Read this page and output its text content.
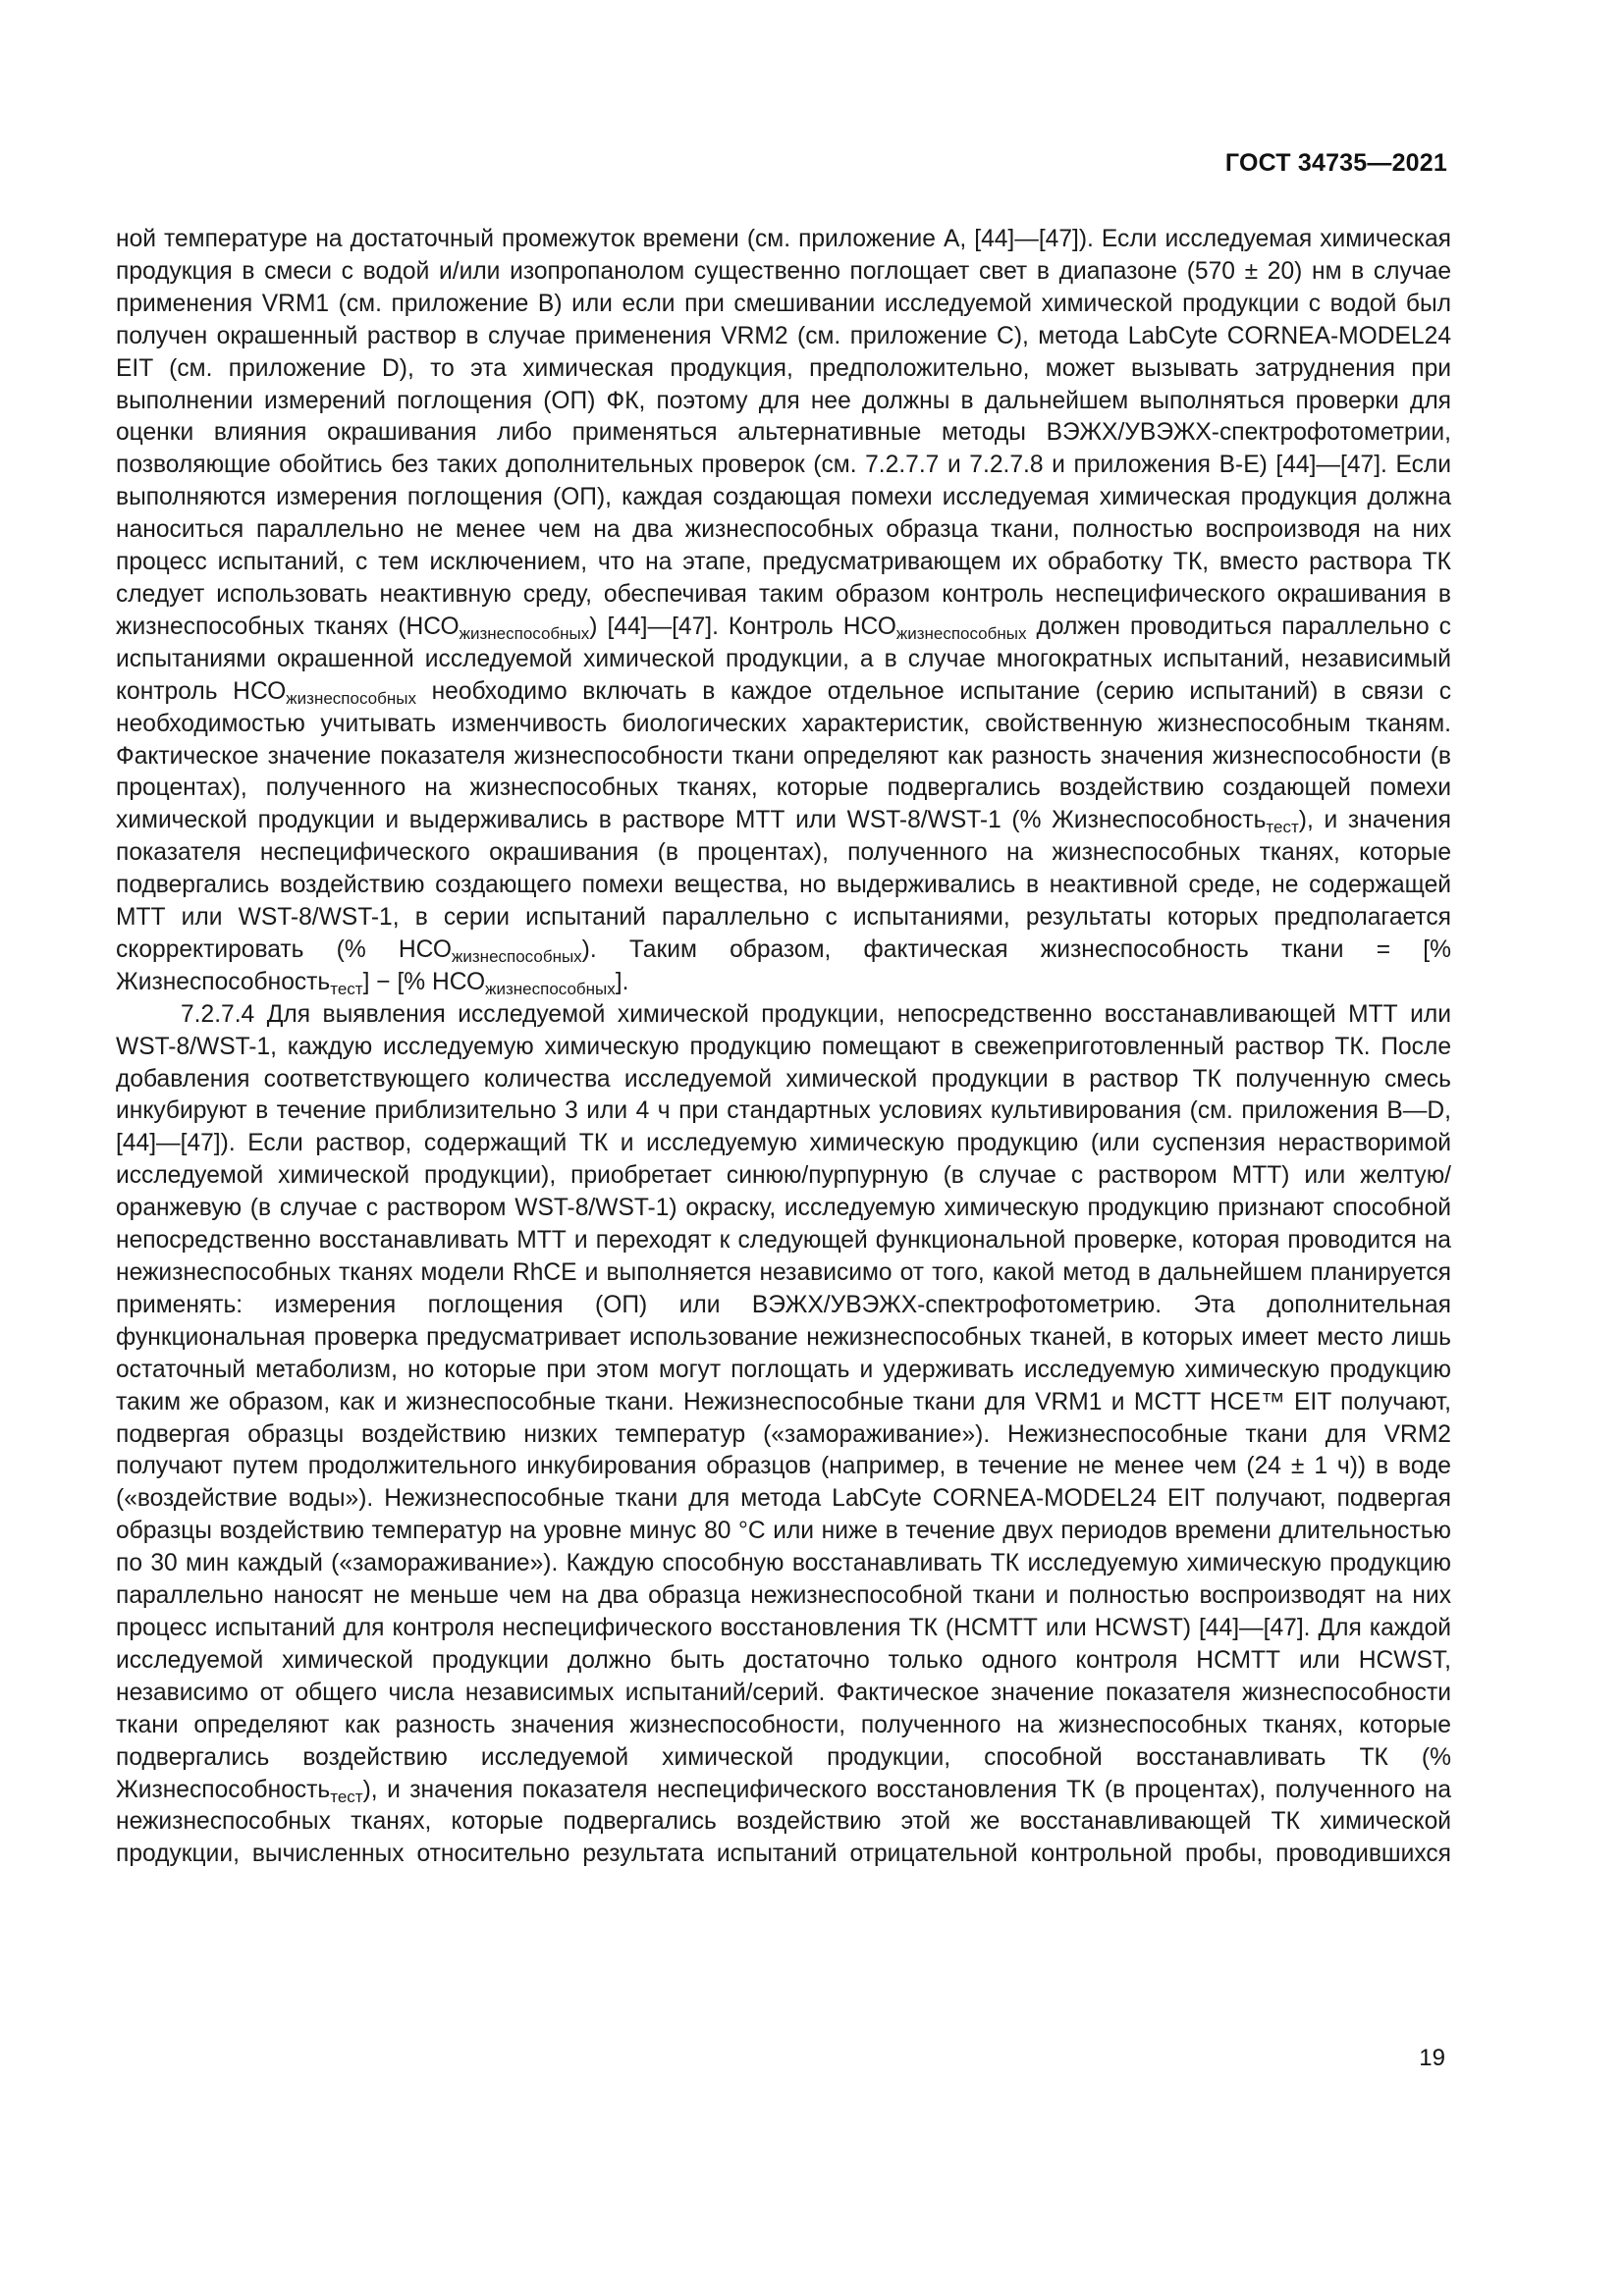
ГОСТ 34735—2021

ной температуре на достаточный промежуток времени (см. приложение А, [44]—[47]). Если исследуемая химическая продукция в смеси с водой и/или изопропанолом существенно поглощает свет в диапазоне (570 ± 20) нм в случае применения VRM1 (см. приложение В) или если при смешивании исследуемой химической продукции с водой был получен окрашенный раствор в случае применения VRM2 (см. приложение С), метода LabCyte CORNEA-MODEL24 EIT (см. приложение D), то эта химическая продукция, предположительно, может вызывать затруднения при выполнении измерений поглощения (ОП) ФК, поэтому для нее должны в дальнейшем выполняться проверки для оценки влияния окрашивания либо применяться альтернативные методы ВЭЖХ/УВЭЖХ-спектрофотометрии, позволяющие обойтись без таких дополнительных проверок (см. 7.2.7.7 и 7.2.7.8 и приложения В-Е) [44]—[47]. Если выполняются измерения поглощения (ОП), каждая создающая помехи исследуемая химическая продукция должна наноситься параллельно не менее чем на два жизнеспособных образца ткани, полностью воспроизводя на них процесс испытаний, с тем исключением, что на этапе, предусматривающем их обработку ТК, вместо раствора ТК следует использовать неактивную среду, обеспечивая таким образом контроль неспецифического окрашивания в жизнеспособных тканях $(НСО_{жизнеспособных})$ [44]—[47]. Контроль $НСО_{жизнеспособных}$ должен проводиться параллельно с испытаниями окрашенной исследуемой химической продукции, а в случае многократных испытаний, независимый контроль $НСО_{жизнеспособных}$ необходимо включать в каждое отдельное испытание (серию испытаний) в связи с необходимостью учитывать изменчивость биологических характеристик, свойственную жизнеспособным тканям. Фактическое значение показателя жизнеспособности ткани определяют как разность значения жизнеспособности (в процентах), полученного на жизнеспособных тканях, которые подвергались воздействию создающей помехи химической продукции и выдерживались в растворе МТТ или WST-8/WST-1 (% Жизнеспособность$_{тест}$), и значения показателя неспецифического окрашивания (в процентах), полученного на жизнеспособных тканях, которые подвергались воздействию создающего помехи вещества, но выдерживались в неактивной среде, не содержащей МТТ или WST-8/WST-1, в серии испытаний параллельно с испытаниями, результаты которых предполагается скорректировать (% $НСО_{жизнеспособных}$). Таким образом, фактическая жизнеспособность ткани = [% Жизнеспособность$_{тест}$] − [% $НСО_{жизнеспособных}$].

7.2.7.4 Для выявления исследуемой химической продукции, непосредственно восстанавливающей МТТ или WST-8/WST-1, каждую исследуемую химическую продукцию помещают в свежеприготовленный раствор ТК. После добавления соответствующего количества исследуемой химической продукции в раствор ТК полученную смесь инкубируют в течение приблизительно 3 или 4 ч при стандартных условиях культивирования (см. приложения В—D, [44]—[47]). Если раствор, содержащий ТК и исследуемую химическую продукцию (или суспензия нерастворимой исследуемой химической продукции), приобретает синюю/пурпурную (в случае с раствором МТТ) или желтую/оранжевую (в случае с раствором WST-8/WST-1) окраску, исследуемую химическую продукцию признают способной непосредственно восстанавливать МТТ и переходят к следующей функциональной проверке, которая проводится на нежизнеспособных тканях модели RhCE и выполняется независимо от того, какой метод в дальнейшем планируется применять: измерения поглощения (ОП) или ВЭЖХ/УВЭЖХ-спектрофотометрию. Эта дополнительная функциональная проверка предусматривает использование нежизнеспособных тканей, в которых имеет место лишь остаточный метаболизм, но которые при этом могут поглощать и удерживать исследуемую химическую продукцию таким же образом, как и жизнеспособные ткани. Нежизнеспособные ткани для VRM1 и MCTT HCE™ EIT получают, подвергая образцы воздействию низких температур («замораживание»). Нежизнеспособные ткани для VRM2 получают путем продолжительного инкубирования образцов (например, в течение не менее чем (24 ± 1 ч)) в воде («воздействие воды»). Нежизнеспособные ткани для метода LabCyte CORNEA-MODEL24 EIT получают, подвергая образцы воздействию температур на уровне минус 80 °С или ниже в течение двух периодов времени длительностью по 30 мин каждый («замораживание»). Каждую способную восстанавливать ТК исследуемую химическую продукцию параллельно наносят не меньше чем на два образца нежизнеспособной ткани и полностью воспроизводят на них процесс испытаний для контроля неспецифического восстановления ТК (НСМТТ или HCWST) [44]—[47]. Для каждой исследуемой химической продукции должно быть достаточно только одного контроля НСМТТ или HCWST, независимо от общего числа независимых испытаний/серий. Фактическое значение показателя жизнеспособности ткани определяют как разность значения жизнеспособности, полученного на жизнеспособных тканях, которые подвергались воздействию исследуемой химической продукции, способной восстанавливать ТК (% Жизнеспособность$_{тест}$), и значения показателя неспецифического восстановления ТК (в процентах), полученного на нежизнеспособных тканях, которые подвергались воздействию этой же восстанавливающей ТК химической продукции, вычисленных относительно результата испытаний отрицательной контрольной пробы, проводившихся

19
